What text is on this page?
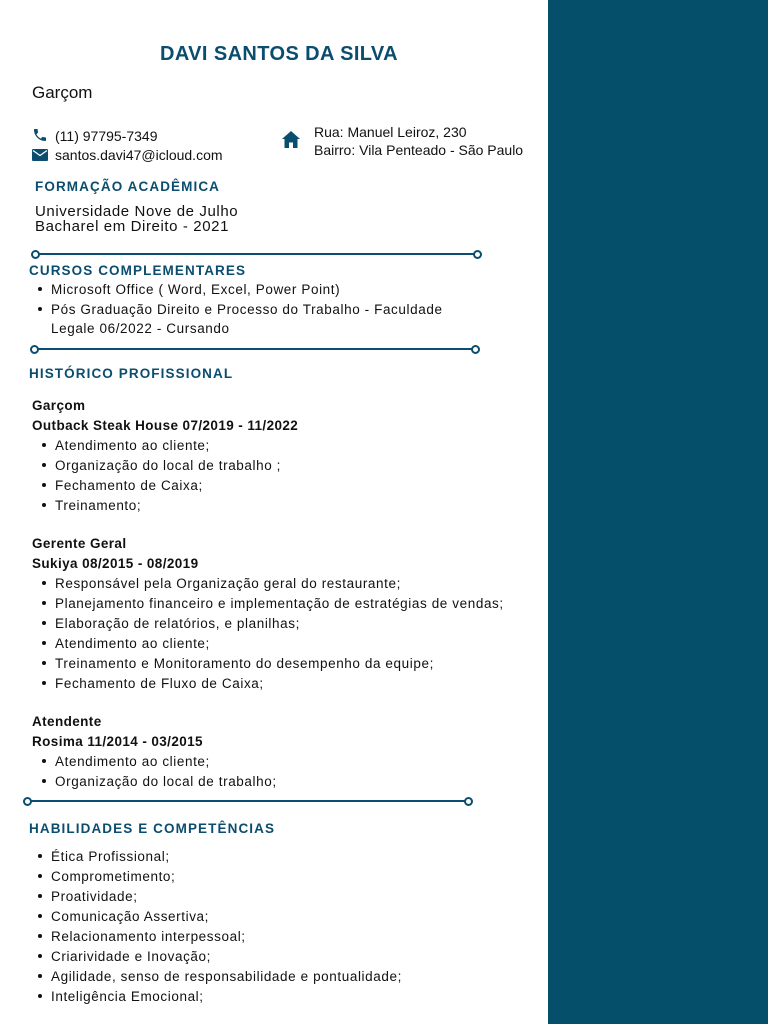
DAVI SANTOS DA SILVA
Garçom
(11) 97795-7349
santos.davi47@icloud.com
Rua: Manuel Leiroz, 230
Bairro: Vila Penteado - São Paulo
FORMAÇÃO ACADÊMICA
Universidade Nove de Julho
Bacharel em Direito - 2021
CURSOS COMPLEMENTARES
Microsoft Office ( Word, Excel, Power Point)
Pós Graduação Direito e Processo do Trabalho - Faculdade
Legale 06/2022 - Cursando
HISTÓRICO PROFISSIONAL
Garçom
Outback Steak House 07/2019 - 11/2022
Atendimento ao cliente;
Organização do local de trabalho ;
Fechamento de Caixa;
Treinamento;
Gerente Geral
Sukiya 08/2015 - 08/2019
Responsável pela Organização geral do restaurante;
Planejamento financeiro e implementação de estratégias de vendas;
Elaboração de relatórios, e planilhas;
Atendimento ao cliente;
Treinamento e Monitoramento do desempenho da equipe;
Fechamento de Fluxo de Caixa;
Atendente
Rosima 11/2014 - 03/2015
Atendimento ao cliente;
Organização do local de trabalho;
HABILIDADES E COMPETÊNCIAS
Ética Profissional;
Comprometimento;
Proatividade;
Comunicação Assertiva;
Relacionamento interpessoal;
Criarividade e Inovação;
Agilidade, senso de responsabilidade e pontualidade;
Inteligência Emocional;
